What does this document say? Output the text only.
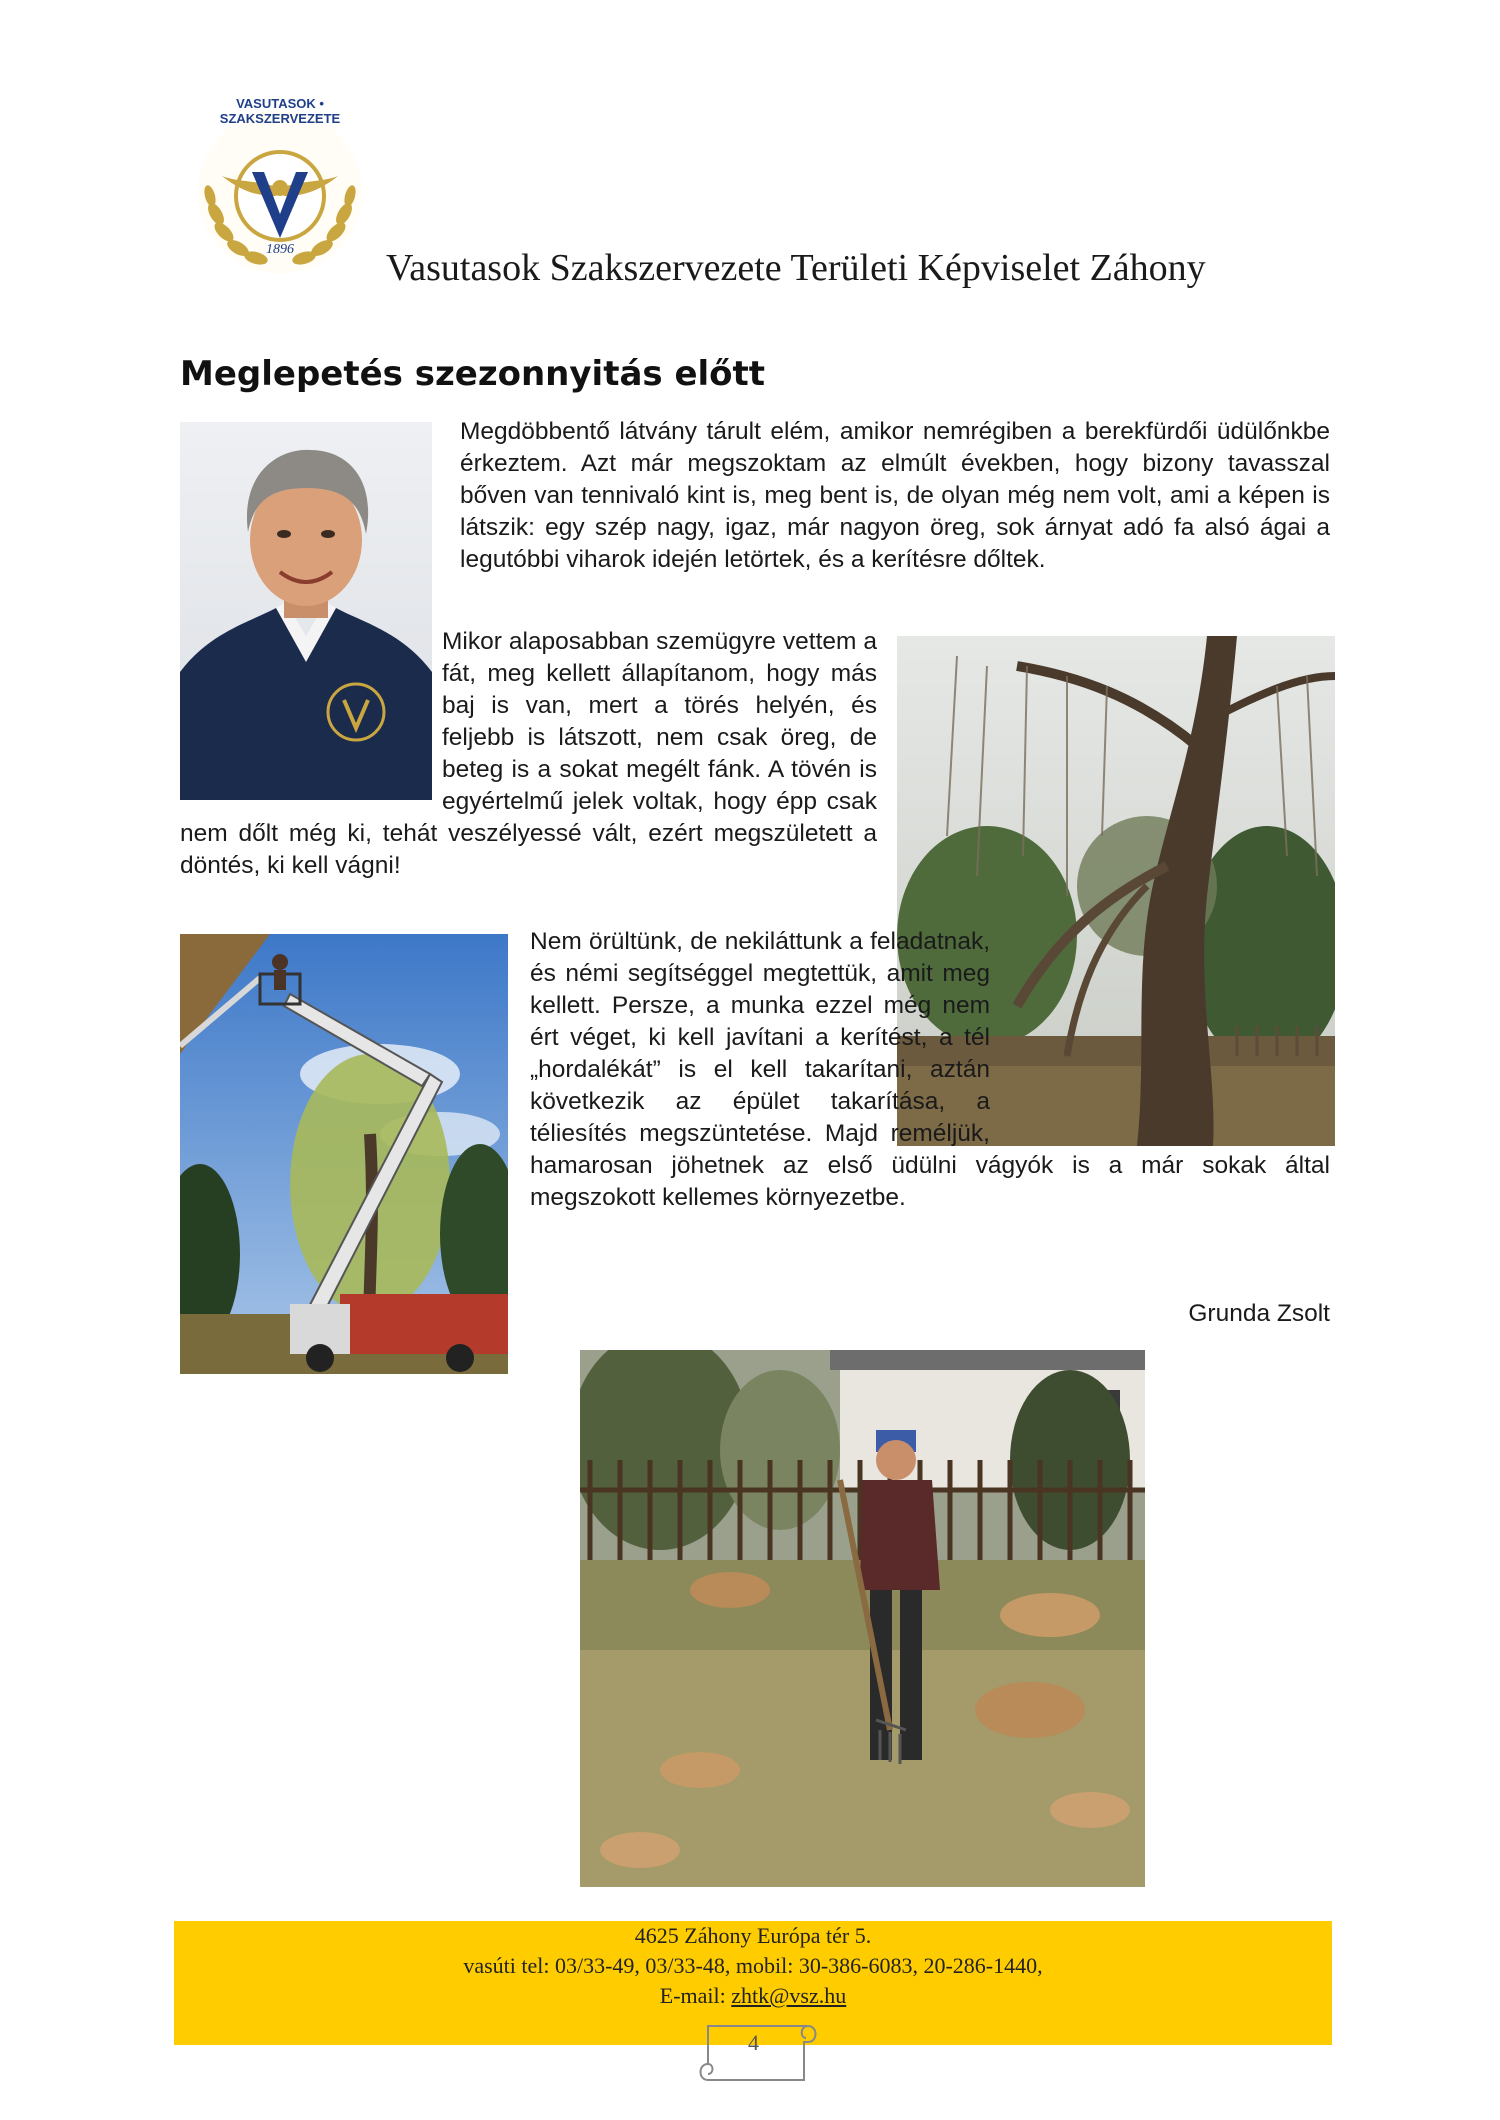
VASUTASOK • SZAKSZERVEZETE
1896 Vasutasok Szakszervezete Területi Képviselet Záhony
Meglepetés szezonnyitás előtt

Megdöbbentő látvány tárult elém, amikor nemrégiben a berekfürdői üdülőnkbe érkeztem. Azt már megszoktam az elmúlt években, hogy bizony tavasszal bőven van tennivaló kint is, meg bent is, de olyan még nem volt, ami a képen is látszik: egy szép nagy, igaz, már nagyon öreg, sok árnyat adó fa alsó ágai a legutóbbi viharok idején letörtek, és a kerítésre dőltek.

Mikor alaposabban szemügyre vettem a fát, meg kellett állapítanom, hogy más baj is van, mert a törés helyén, és feljebb is látszott, nem csak öreg, de beteg is a sokat megélt fánk. A tövén is egyértelmű jelek voltak, hogy épp csak nem dőlt még ki, tehát veszélyessé vált, ezért megszületett a döntés, ki kell vágni!

Nem örültünk, de nekiláttunk a feladatnak, és némi segítséggel megtettük, amit meg kellett. Persze, a munka ezzel még nem ért véget, ki kell javítani a kerítést, a tél „hordalékát” is el kell takarítani, aztán következik az épület takarítása, a téliesítés megszüntetése. Majd reméljük, hamarosan jöhetnek az első üdülni vágyók is a már sokak által megszokott kellemes környezetbe.

Grunda Zsolt
4625 Záhony Európa tér 5.
vasúti tel: 03/33-49, 03/33-48, mobil: 30-386-6083, 20-286-1440,
E-mail: zhtk@vsz.hu
4
